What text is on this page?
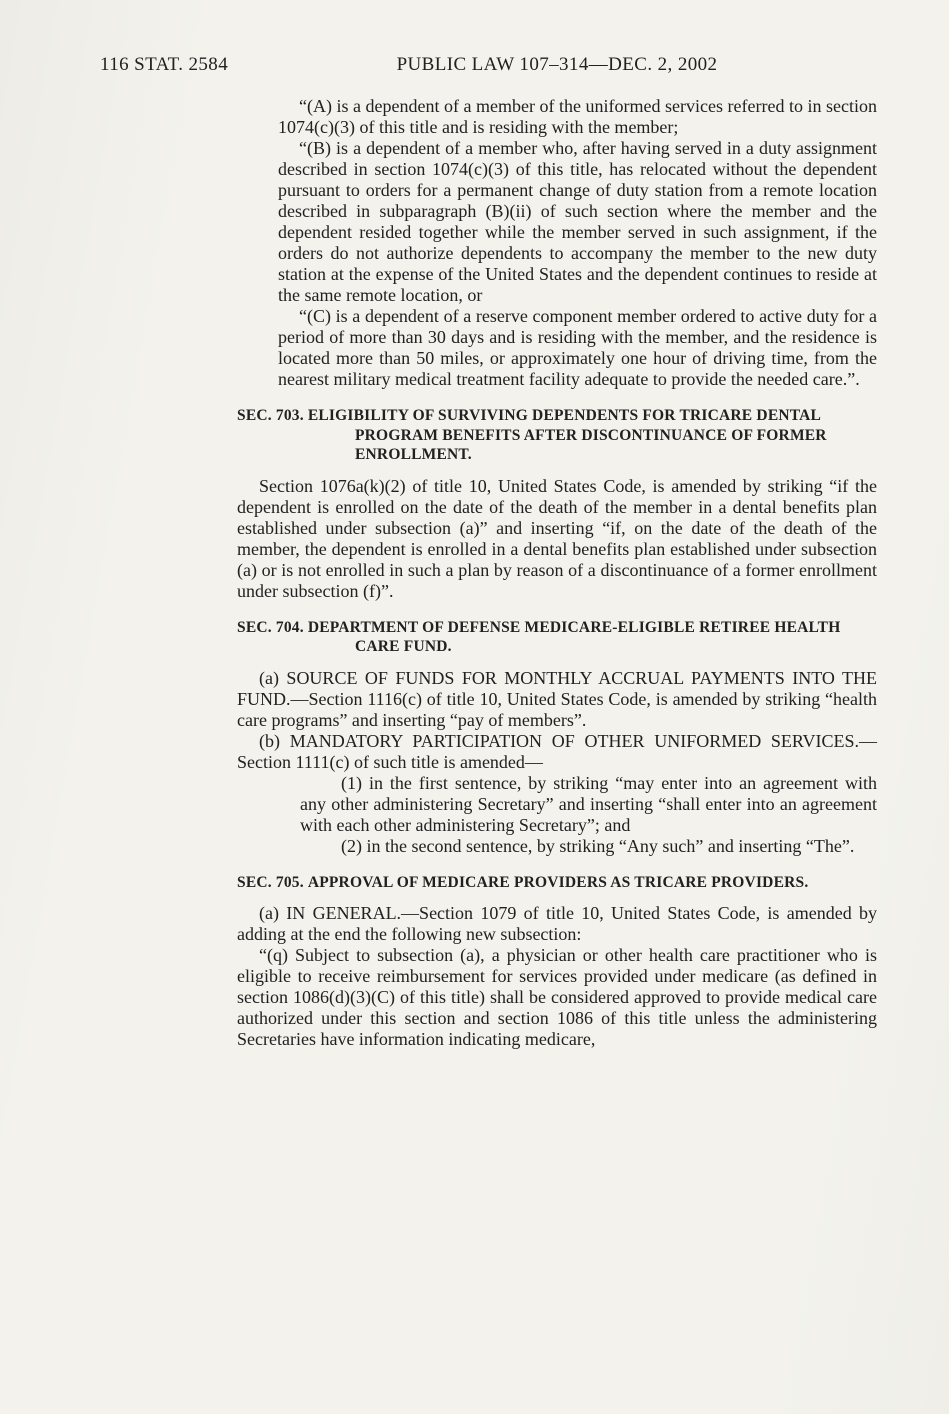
116 STAT. 2584	PUBLIC LAW 107–314—DEC. 2, 2002

“(A) is a dependent of a member of the uniformed services referred to in section 1074(c)(3) of this title and is residing with the member;

“(B) is a dependent of a member who, after having served in a duty assignment described in section 1074(c)(3) of this title, has relocated without the dependent pursuant to orders for a permanent change of duty station from a remote location described in subparagraph (B)(ii) of such section where the member and the dependent resided together while the member served in such assignment, if the orders do not authorize dependents to accompany the member to the new duty station at the expense of the United States and the dependent continues to reside at the same remote location, or

“(C) is a dependent of a reserve component member ordered to active duty for a period of more than 30 days and is residing with the member, and the residence is located more than 50 miles, or approximately one hour of driving time, from the nearest military medical treatment facility adequate to provide the needed care.”.

SEC. 703. ELIGIBILITY OF SURVIVING DEPENDENTS FOR TRICARE DENTAL PROGRAM BENEFITS AFTER DISCONTINUANCE OF FORMER ENROLLMENT.

Section 1076a(k)(2) of title 10, United States Code, is amended by striking “if the dependent is enrolled on the date of the death of the member in a dental benefits plan established under subsection (a)” and inserting “if, on the date of the death of the member, the dependent is enrolled in a dental benefits plan established under subsection (a) or is not enrolled in such a plan by reason of a discontinuance of a former enrollment under subsection (f)”.

SEC. 704. DEPARTMENT OF DEFENSE MEDICARE-ELIGIBLE RETIREE HEALTH CARE FUND.

(a) SOURCE OF FUNDS FOR MONTHLY ACCRUAL PAYMENTS INTO THE FUND.—Section 1116(c) of title 10, United States Code, is amended by striking “health care programs” and inserting “pay of members”.

(b) MANDATORY PARTICIPATION OF OTHER UNIFORMED SERVICES.—Section 1111(c) of such title is amended—

(1) in the first sentence, by striking “may enter into an agreement with any other administering Secretary” and inserting “shall enter into an agreement with each other administering Secretary”; and

(2) in the second sentence, by striking “Any such” and inserting “The”.

SEC. 705. APPROVAL OF MEDICARE PROVIDERS AS TRICARE PROVIDERS.

(a) IN GENERAL.—Section 1079 of title 10, United States Code, is amended by adding at the end the following new subsection:

“(q) Subject to subsection (a), a physician or other health care practitioner who is eligible to receive reimbursement for services provided under medicare (as defined in section 1086(d)(3)(C) of this title) shall be considered approved to provide medical care authorized under this section and section 1086 of this title unless the administering Secretaries have information indicating medicare,
